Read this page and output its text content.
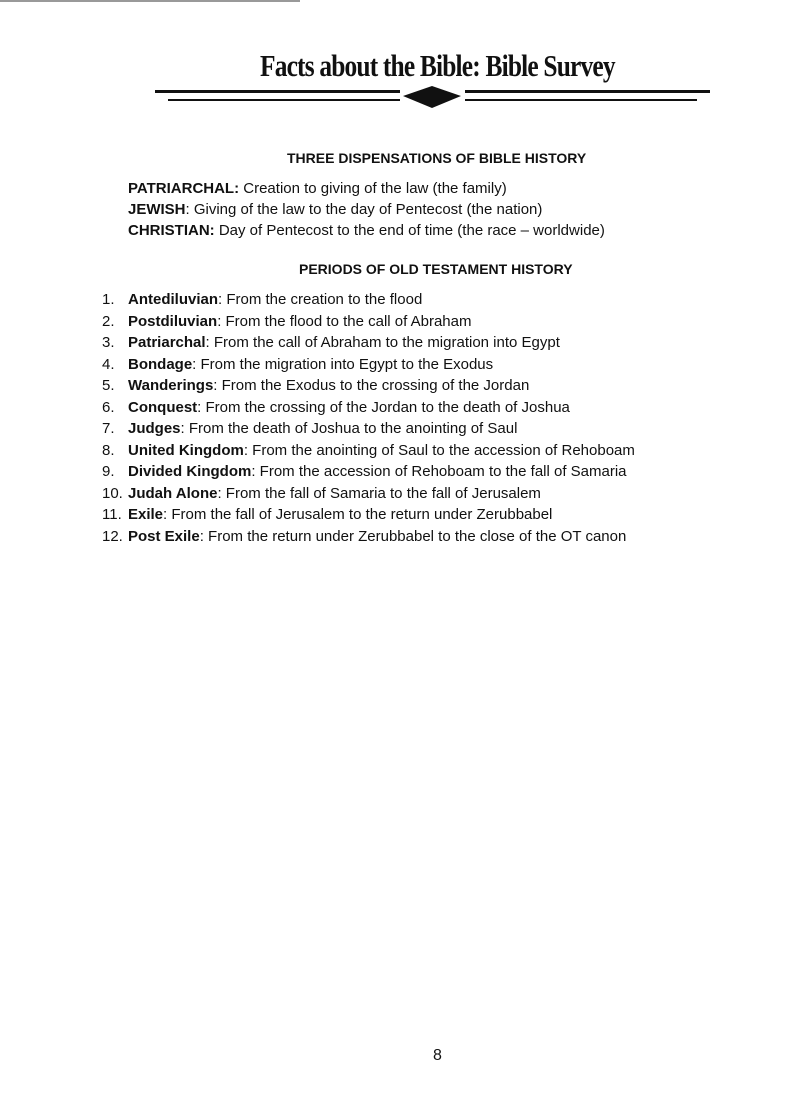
Facts about the Bible: Bible Survey
THREE DISPENSATIONS OF BIBLE HISTORY
PATRIARCHAL: Creation to giving of the law (the family)
JEWISH: Giving of the law to the day of Pentecost (the nation)
CHRISTIAN: Day of Pentecost to the end of time (the race – worldwide)
PERIODS OF OLD TESTAMENT HISTORY
1. Antediluvian: From the creation to the flood
2. Postdiluvian: From the flood to the call of Abraham
3. Patriarchal: From the call of Abraham to the migration into Egypt
4. Bondage: From the migration into Egypt to the Exodus
5. Wanderings: From the Exodus to the crossing of the Jordan
6. Conquest: From the crossing of the Jordan to the death of Joshua
7. Judges: From the death of Joshua to the anointing of Saul
8. United Kingdom: From the anointing of Saul to the accession of Rehoboam
9. Divided Kingdom: From the accession of Rehoboam to the fall of Samaria
10. Judah Alone: From the fall of Samaria to the fall of Jerusalem
11. Exile: From the fall of Jerusalem to the return under Zerubbabel
12. Post Exile: From the return under Zerubbabel to the close of the OT canon
8
